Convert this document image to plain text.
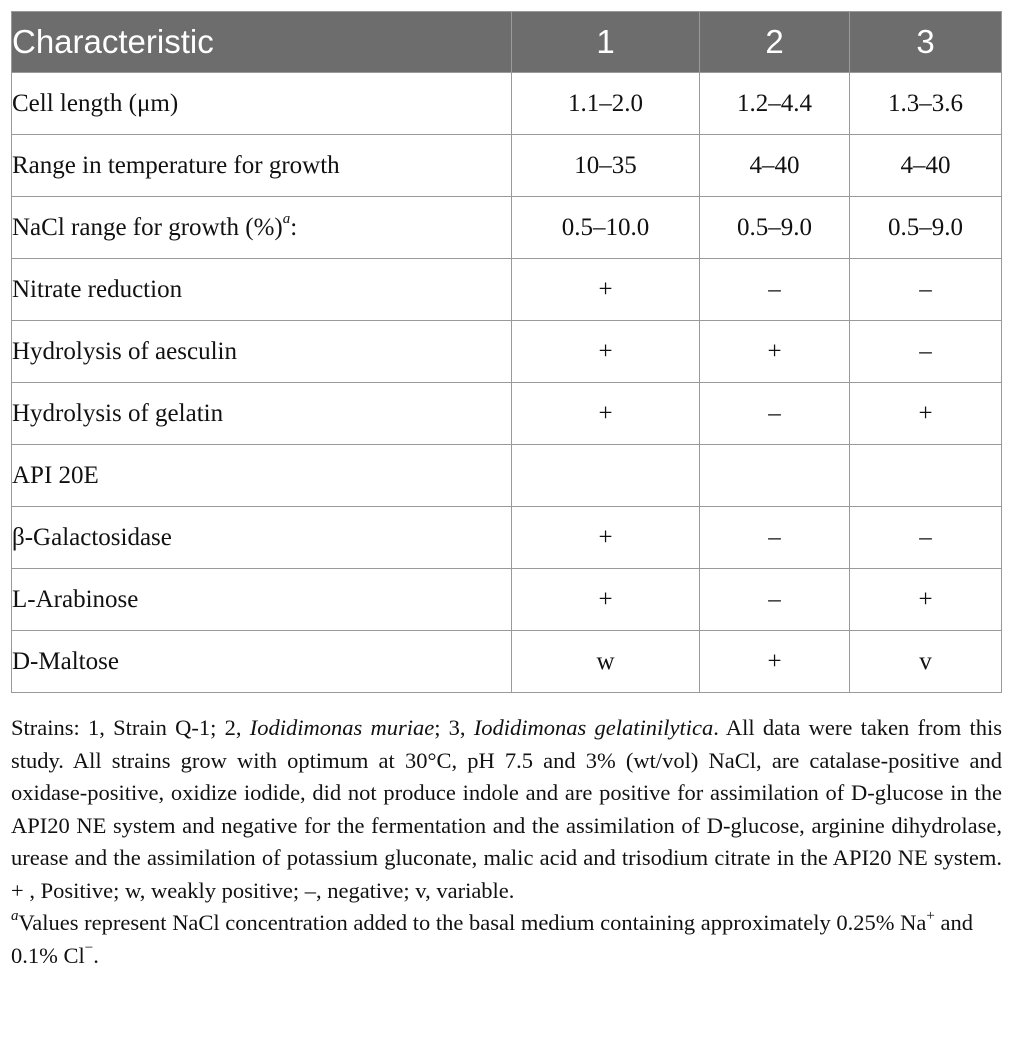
Characteristic	1	2	3
Cell length (μm)	1.1–2.0	1.2–4.4	1.3–3.6
Range in temperature for growth	10–35	4–40	4–40
NaCl range for growth (%)$^a$:	0.5–10.0	0.5–9.0	0.5–9.0
Nitrate reduction	+	–	–
Hydrolysis of aesculin	+	+	–
Hydrolysis of gelatin	+	–	+
API 20E			
β-Galactosidase	+	–	–
L-Arabinose	+	–	+
D-Maltose	w	+	v

Strains: 1, Strain Q-1; 2, Iodidimonas muriae; 3, Iodidimonas gelatinilytica. All data were taken from this study. All strains grow with optimum at 30°C, pH 7.5 and 3% (wt/vol) NaCl, are catalase-positive and oxidase-positive, oxidize iodide, did not produce indole and are positive for assimilation of D-glucose in the API20 NE system and negative for the fermentation and the assimilation of D-glucose, arginine dihydrolase, urease and the assimilation of potassium gluconate, malic acid and trisodium citrate in the API20 NE system. + , Positive; w, weakly positive; –, negative; v, variable.

$^a$Values represent NaCl concentration added to the basal medium containing approximately 0.25% Na+ and 0.1% Cl−.
